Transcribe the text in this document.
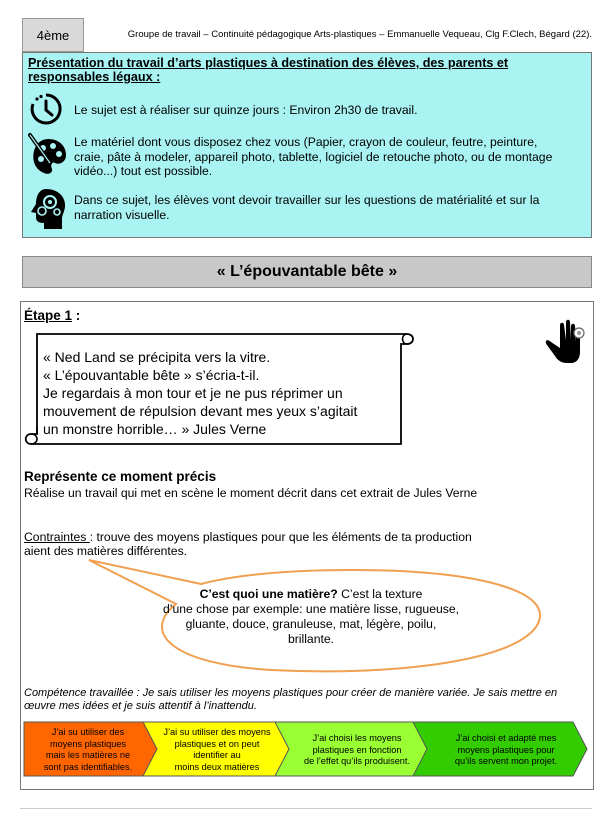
4ème	Groupe de travail – Continuité pédagogique Arts-plastiques – Emmanuelle Vequeau, Clg F.Clech, Bégard (22).
Présentation du travail d’arts plastiques à destination des élèves, des parents et
responsables légaux :
Le sujet est à réaliser sur quinze jours : Environ 2h30 de travail.
Le matériel dont vous disposez chez vous (Papier, crayon de couleur, feutre, peinture,
craie, pâte à modeler, appareil photo, tablette, logiciel de retouche photo, ou de montage
vidéo...) tout est possible.
Dans ce sujet, les élèves vont devoir travailler sur les questions de matérialité et sur la
narration visuelle.
« L’épouvantable bête »
Étape 1 :
« Ned Land se précipita vers la vitre.
« L’épouvantable bête » s’écria-t-il.
Je regardais à mon tour et je ne pus réprimer un
mouvement de répulsion devant mes yeux s’agitait
un monstre horrible… » Jules Verne
Représente ce moment précis
Réalise un travail qui met en scène le moment décrit dans cet extrait de Jules Verne
Contraintes : trouve des moyens plastiques pour que les éléments de ta production
aient des matières différentes.
C’est quoi une matière? C’est la texture
d’une chose par exemple: une matière lisse, rugueuse,
gluante, douce, granuleuse, mat, légère, poilu,
brillante.
Compétence travaillée : Je sais utiliser les moyens plastiques pour créer de manière variée. Je sais mettre en
œuvre mes idées et je suis attentif à l’inattendu.
J’ai su utiliser des
moyens plastiques
mais les matières ne
sont pas identifiables.
J’ai su utiliser des moyens
plastiques et on peut
identifier au
moins deux matières
J’ai choisi les moyens
plastiques en fonction
de l’effet qu’ils produisent.
J’ai choisi et adapté mes
moyens plastiques pour
qu’ils servent mon projet.
